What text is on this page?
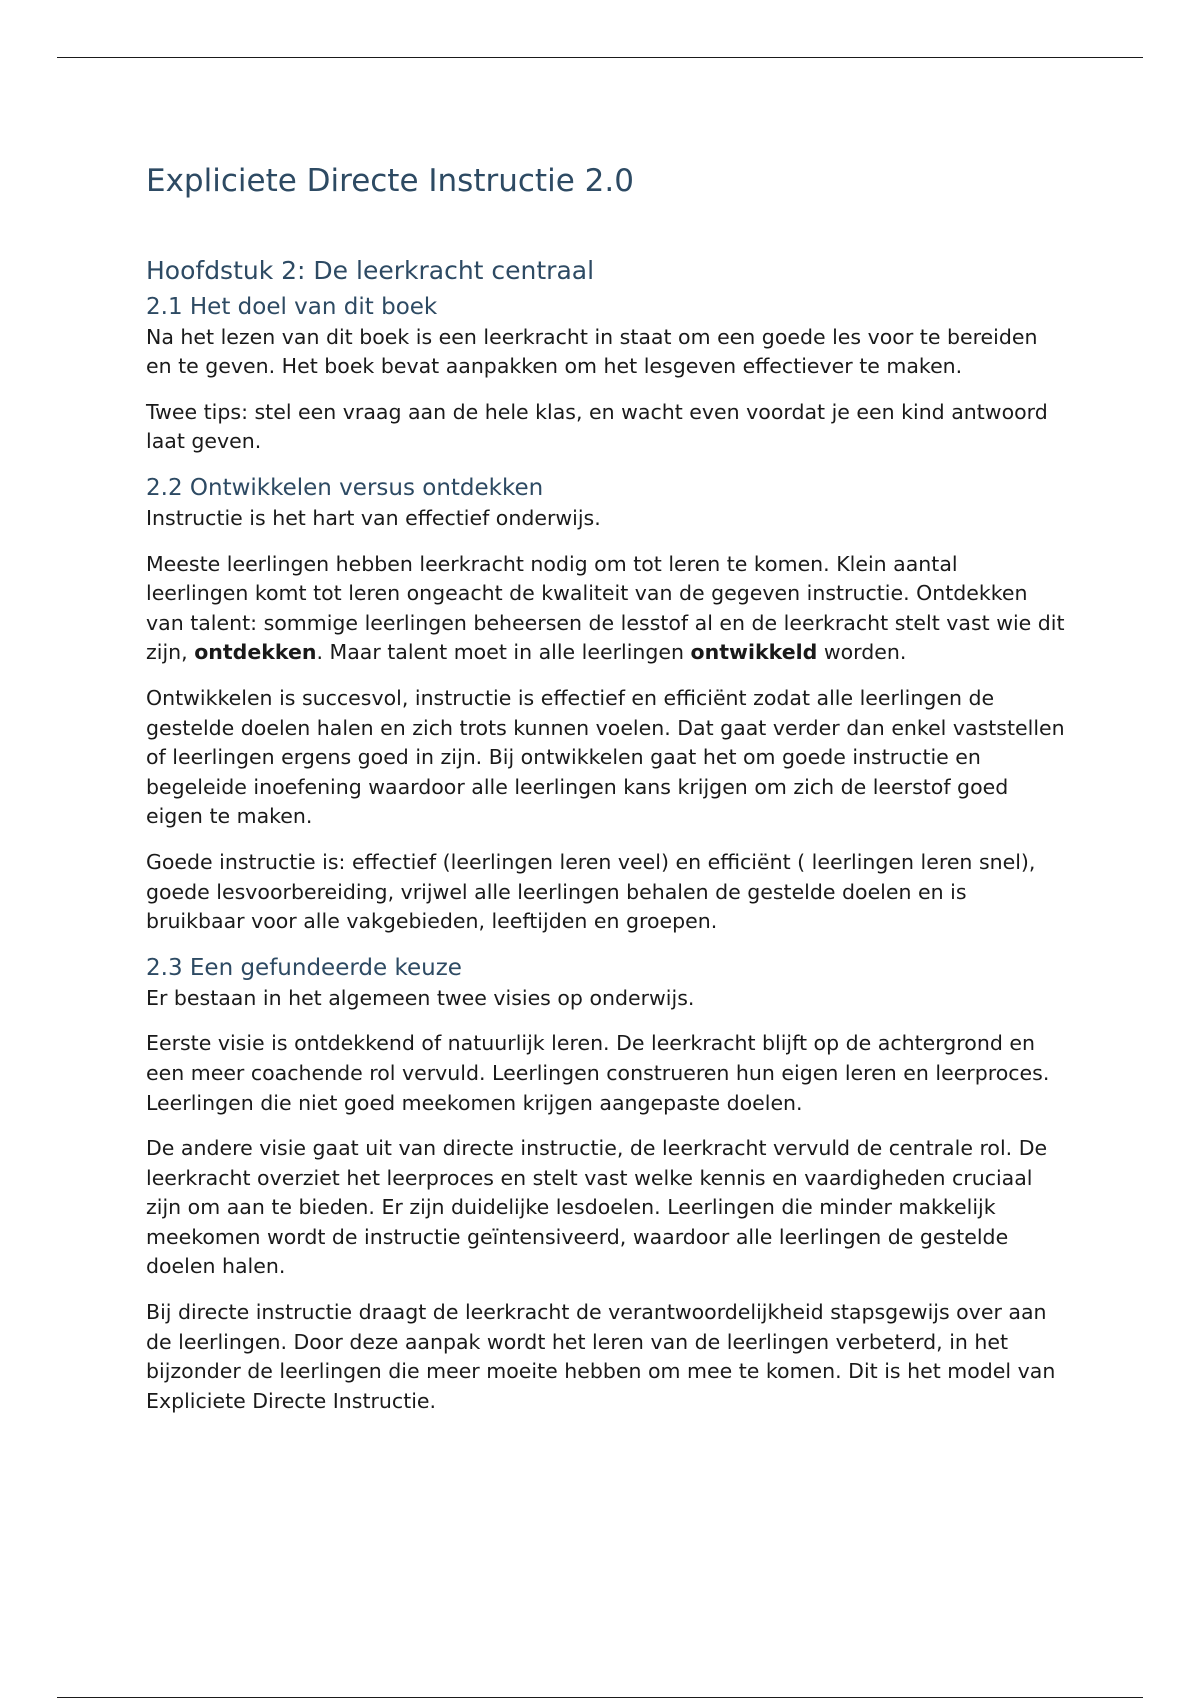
Expliciete Directe Instructie 2.0
Hoofdstuk 2: De leerkracht centraal
2.1 Het doel van dit boek

Na het lezen van dit boek is een leerkracht in staat om een goede les voor te bereiden en te geven. Het boek bevat aanpakken om het lesgeven effectiever te maken.

Twee tips: stel een vraag aan de hele klas, en wacht even voordat je een kind antwoord laat geven.

2.2 Ontwikkelen versus ontdekken

Instructie is het hart van effectief onderwijs.

Meeste leerlingen hebben leerkracht nodig om tot leren te komen. Klein aantal leerlingen komt tot leren ongeacht de kwaliteit van de gegeven instructie. Ontdekken van talent: sommige leerlingen beheersen de lesstof al en de leerkracht stelt vast wie dit zijn, ontdekken. Maar talent moet in alle leerlingen ontwikkeld worden.

Ontwikkelen is succesvol, instructie is effectief en efficiënt zodat alle leerlingen de gestelde doelen halen en zich trots kunnen voelen. Dat gaat verder dan enkel vaststellen of leerlingen ergens goed in zijn. Bij ontwikkelen gaat het om goede instructie en begeleide inoefening waardoor alle leerlingen kans krijgen om zich de leerstof goed eigen te maken.

Goede instructie is: effectief (leerlingen leren veel) en efficiënt ( leerlingen leren snel), goede lesvoorbereiding, vrijwel alle leerlingen behalen de gestelde doelen en is bruikbaar voor alle vakgebieden, leeftijden en groepen.

2.3 Een gefundeerde keuze

Er bestaan in het algemeen twee visies op onderwijs.

Eerste visie is ontdekkend of natuurlijk leren. De leerkracht blijft op de achtergrond en een meer coachende rol vervuld. Leerlingen construeren hun eigen leren en leerproces. Leerlingen die niet goed meekomen krijgen aangepaste doelen.

De andere visie gaat uit van directe instructie, de leerkracht vervuld de centrale rol. De leerkracht overziet het leerproces en stelt vast welke kennis en vaardigheden cruciaal zijn om aan te bieden. Er zijn duidelijke lesdoelen. Leerlingen die minder makkelijk meekomen wordt de instructie geïntensiveerd, waardoor alle leerlingen de gestelde doelen halen.

Bij directe instructie draagt de leerkracht de verantwoordelijkheid stapsgewijs over aan de leerlingen. Door deze aanpak wordt het leren van de leerlingen verbeterd, in het bijzonder de leerlingen die meer moeite hebben om mee te komen. Dit is het model van Expliciete Directe Instructie.
